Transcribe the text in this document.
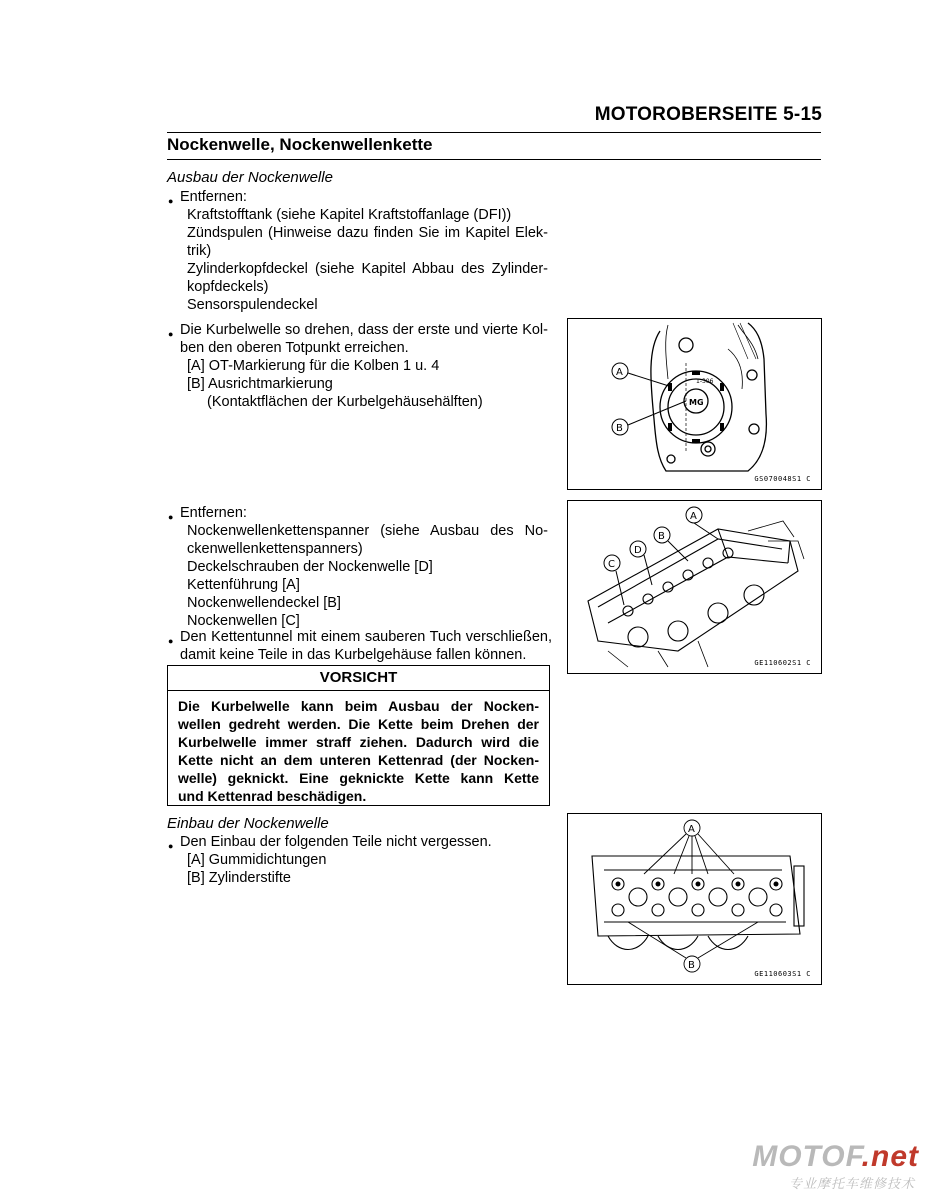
MOTOROBERSEITE 5-15
Nockenwelle, Nockenwellenkette
Ausbau der Nockenwelle
● Entfernen:
Kraftstofftank (siehe Kapitel Kraftstoffanlage (DFI))
Zündspulen (Hinweise dazu finden Sie im Kapitel Elek-
trik)
Zylinderkopfdeckel (siehe Kapitel Abbau des Zylinder-
kopfdeckels)
Sensorspulendeckel
● Die Kurbelwelle so drehen, dass der erste und vierte Kol-
ben den oberen Totpunkt erreichen.
[A] OT-Markierung für die Kolben 1 u. 4
[B] Ausrichtmarkierung
(Kontaktflächen der Kurbelgehäusehälften)
● Entfernen:
Nockenwellenkettenspanner (siehe Ausbau des No-
ckenwellenkettenspanners)
Deckelschrauben der Nockenwelle [D]
Kettenführung [A]
Nockenwellendeckel [B]
Nockenwellen [C]
● Den Kettentunnel mit einem sauberen Tuch verschließen,
damit keine Teile in das Kurbelgehäuse fallen können.
VORSICHT
Die Kurbelwelle kann beim Ausbau der Nocken-
wellen gedreht werden. Die Kette beim Drehen der
Kurbelwelle immer straff ziehen. Dadurch wird die
Kette nicht an dem unteren Kettenrad (der Nocken-
welle) geknickt. Eine geknickte Kette kann Kette
und Kettenrad beschädigen.
Einbau der Nockenwelle
● Den Einbau der folgenden Teile nicht vergessen.
[A] Gummidichtungen
[B] Zylinderstifte
MG
1-306
A
B
GS070048S1 C
A
B
C
D
GE110602S1 C
A
B
GE110603S1 C
MOTOF.net
专业摩托车维修技术
